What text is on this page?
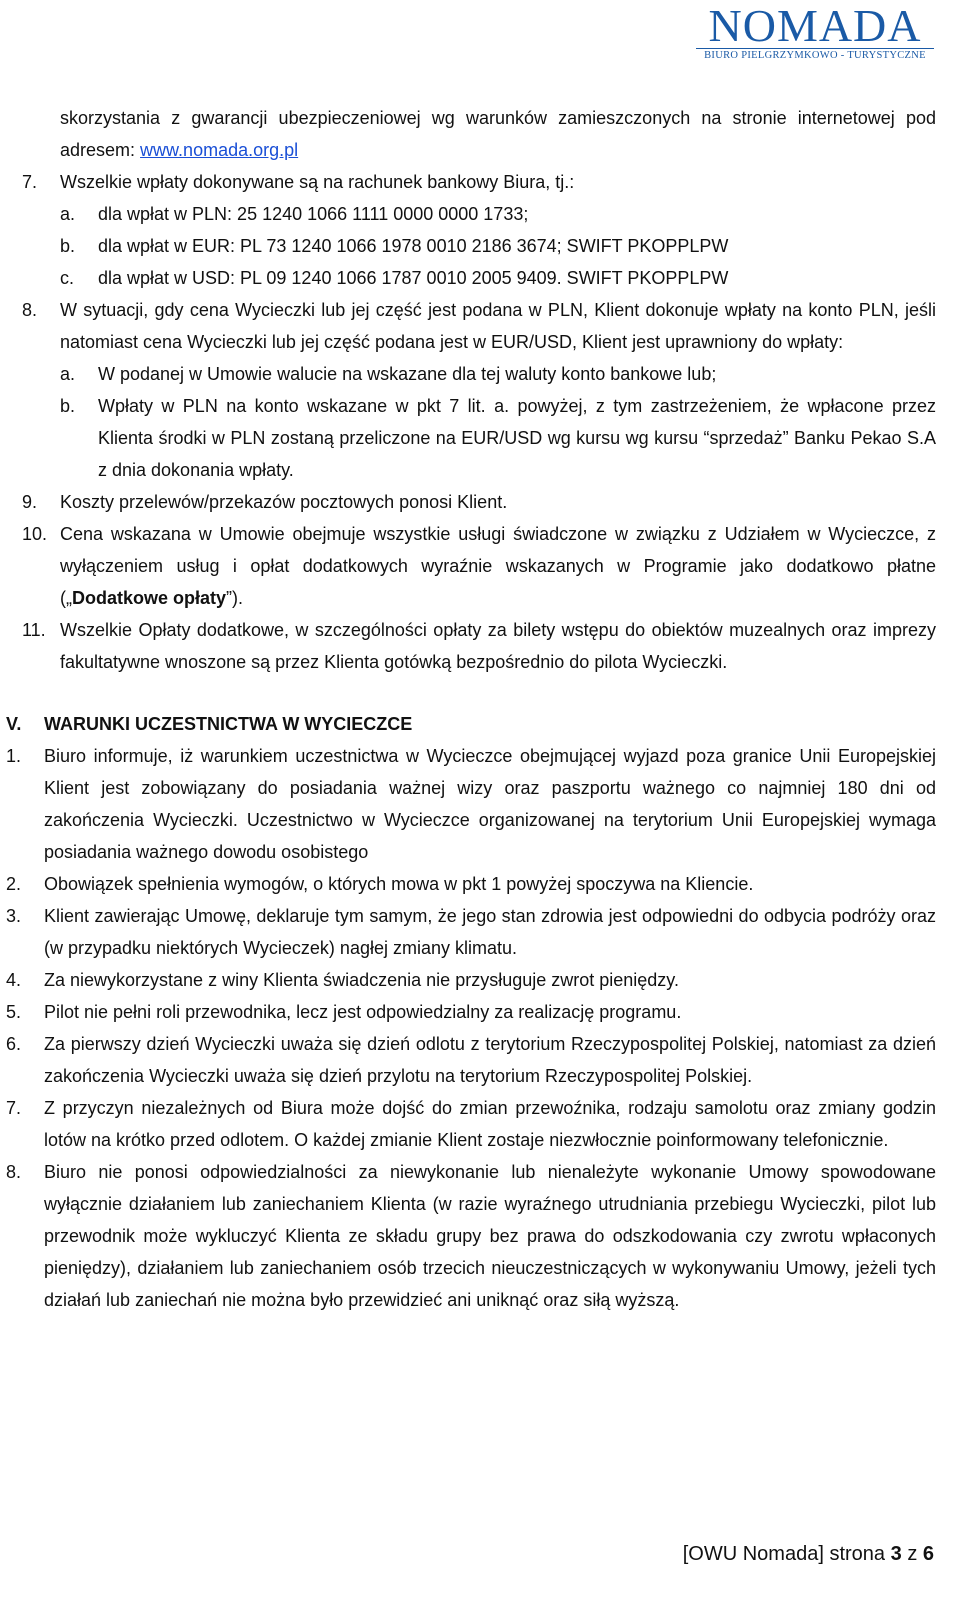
NOMADA
BIURO PIELGRZYMKOWO - TURYSTYCZNE
skorzystania z gwarancji ubezpieczeniowej wg warunków zamieszczonych na stronie internetowej pod adresem: www.nomada.org.pl
7.	Wszelkie wpłaty dokonywane są na rachunek bankowy Biura, tj.:
a.	dla wpłat w PLN: 25 1240 1066 1111 0000 0000 1733;
b.	dla wpłat w EUR: PL 73 1240 1066 1978 0010 2186 3674; SWIFT PKOPPLPW
c.	dla wpłat w USD: PL 09 1240 1066 1787 0010 2005 9409. SWIFT PKOPPLPW
8.	W sytuacji, gdy cena Wycieczki lub jej część jest podana w PLN, Klient dokonuje wpłaty na konto PLN, jeśli natomiast cena Wycieczki lub jej część podana jest w EUR/USD, Klient jest uprawniony do wpłaty:
a.	W podanej w Umowie walucie na wskazane dla tej waluty konto bankowe lub;
b.	Wpłaty w PLN na konto wskazane w pkt 7 lit. a. powyżej, z tym zastrzeżeniem, że wpłacone przez Klienta środki w PLN zostaną przeliczone na EUR/USD wg kursu wg kursu “sprzedaż” Banku Pekao S.A z dnia dokonania wpłaty.
9.	Koszty przelewów/przekazów pocztowych ponosi Klient.
10. Cena wskazana w Umowie obejmuje wszystkie usługi świadczone w związku z Udziałem w Wycieczce, z wyłączeniem usług i opłat dodatkowych wyraźnie wskazanych w Programie jako dodatkowo płatne („Dodatkowe opłaty”).
11. Wszelkie Opłaty dodatkowe, w szczególności opłaty za bilety wstępu do obiektów muzealnych oraz imprezy fakultatywne wnoszone są przez Klienta gotówką bezpośrednio do pilota Wycieczki.
V.	WARUNKI UCZESTNICTWA W WYCIECZCE
1.	Biuro informuje, iż warunkiem uczestnictwa w Wycieczce obejmującej wyjazd poza granice Unii Europejskiej Klient jest zobowiązany do posiadania ważnej wizy oraz paszportu ważnego co najmniej 180 dni od zakończenia Wycieczki. Uczestnictwo w Wycieczce organizowanej na terytorium Unii Europejskiej wymaga posiadania ważnego dowodu osobistego
2.	Obowiązek spełnienia wymogów, o których mowa w pkt 1 powyżej spoczywa na Kliencie.
3.	Klient zawierając Umowę, deklaruje tym samym, że jego stan zdrowia jest odpowiedni do odbycia podróży oraz (w przypadku niektórych Wycieczek) nagłej zmiany klimatu.
4.	Za niewykorzystane z winy Klienta świadczenia nie przysługuje zwrot pieniędzy.
5.	Pilot nie pełni roli przewodnika, lecz jest odpowiedzialny za realizację programu.
6.	Za pierwszy dzień Wycieczki uważa się dzień odlotu z terytorium Rzeczypospolitej Polskiej, natomiast za dzień zakończenia Wycieczki uważa się dzień przylotu na terytorium Rzeczypospolitej Polskiej.
7.	Z przyczyn niezależnych od Biura może dojść do zmian przewoźnika, rodzaju samolotu oraz zmiany godzin lotów na krótko przed odlotem. O każdej zmianie Klient zostaje niezwłocznie poinformowany telefonicznie.
8.	Biuro nie ponosi odpowiedzialności za niewykonanie lub nienależyte wykonanie Umowy spowodowane wyłącznie działaniem lub zaniechaniem Klienta (w razie wyraźnego utrudniania przebiegu Wycieczki, pilot lub przewodnik może wykluczyć Klienta ze składu grupy bez prawa do odszkodowania czy zwrotu wpłaconych pieniędzy), działaniem lub zaniechaniem osób trzecich nieuczestniczących w wykonywaniu Umowy, jeżeli tych działań lub zaniechań nie można było przewidzieć ani uniknąć oraz siłą wyższą.
[OWU Nomada] strona 3 z 6
